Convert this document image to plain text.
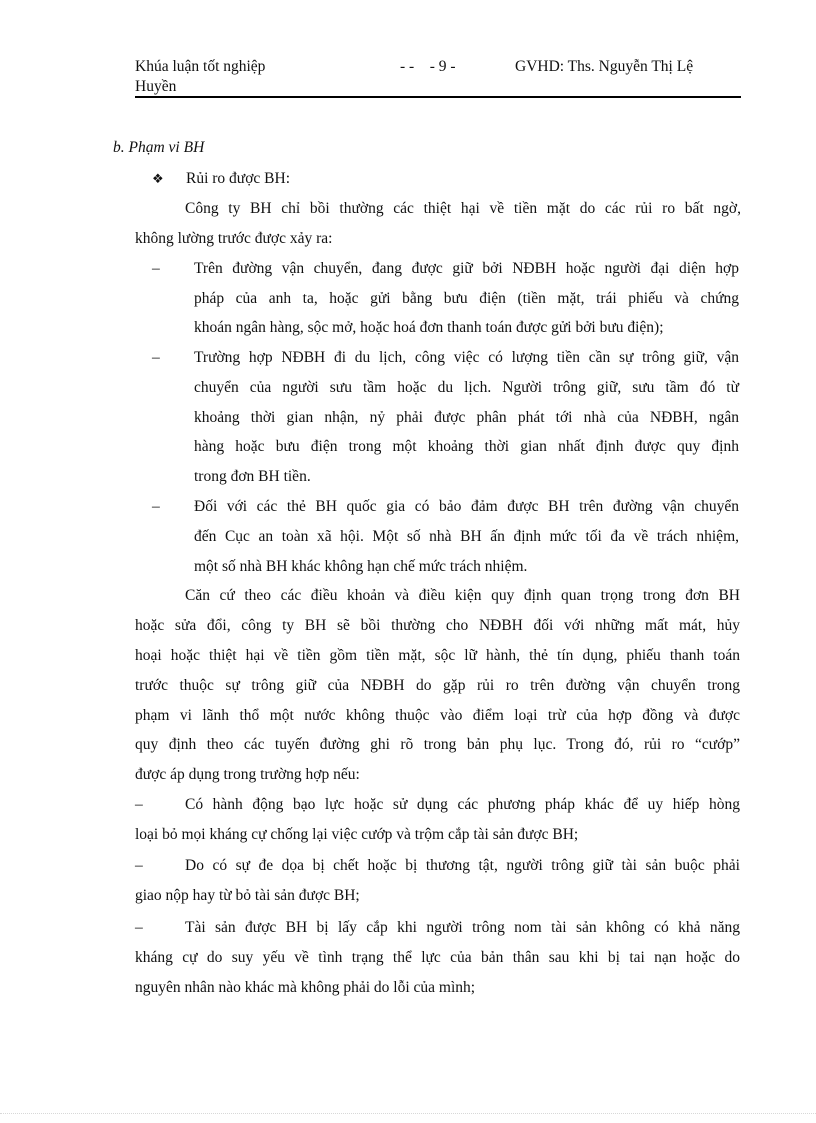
Khúa luận tốt nghiệp
Huyền
- -    - 9 -	GVHD: Ths. Nguyễn Thị Lệ
b. Phạm vi BH
❖ Rủi ro được BH:
Công ty BH chỉ bồi thường các thiệt hại về tiền mặt do các rủi ro bất ngờ,
không lường trước được xảy ra:
– Trên đường vận chuyển, đang được giữ bởi NĐBH hoặc người đại diện hợp
pháp của anh ta, hoặc gửi bằng bưu điện (tiền mặt, trái phiếu và chứng
khoán ngân hàng, sộc mở, hoặc hoá đơn thanh toán được gửi bởi bưu điện);
– Trường hợp NĐBH đi du lịch, công việc có lượng tiền cần sự trông giữ, vận
chuyển của người sưu tầm hoặc du lịch. Người trông giữ, sưu tầm đó từ
khoảng thời gian nhận, nỷ phải được phân phát tới nhà của NĐBH, ngân
hàng hoặc bưu điện trong một khoảng thời gian nhất định được quy định
trong đơn BH tiền.
– Đối với các thẻ BH quốc gia có bảo đảm được BH trên đường vận chuyển
đến Cục an toàn xã hội. Một số nhà BH ấn định mức tối đa về trách nhiệm,
một số nhà BH khác không hạn chế mức trách nhiệm.
Căn cứ theo các điều khoản và điều kiện quy định quan trọng trong đơn BH
hoặc sửa đổi, công ty BH sẽ bồi thường cho NĐBH đối với những mất mát, hủy
hoại hoặc thiệt hại về tiền gồm tiền mặt, sộc lữ hành, thẻ tín dụng, phiếu thanh toán
trước thuộc sự trông giữ của NĐBH do gặp rủi ro trên đường vận chuyển trong
phạm vi lãnh thổ một nước không thuộc vào điểm loại trừ của hợp đồng và được
quy định theo các tuyến đường ghi rõ trong bản phụ lục. Trong đó, rủi ro “cướp”
được áp dụng trong trường hợp nếu:
–	Có hành động bạo lực hoặc sử dụng các phương pháp khác để uy hiếp hòng
loại bỏ mọi kháng cự chống lại việc cướp và trộm cắp tài sản được BH;
–	Do có sự đe dọa bị chết hoặc bị thương tật, người trông giữ tài sản buộc phải
giao nộp hay từ bỏ tài sản được BH;
–	Tài sản được BH bị lấy cắp khi người trông nom tài sản không có khả năng
kháng cự do suy yếu về tình trạng thể lực của bản thân sau khi bị tai nạn hoặc do
nguyên nhân nào khác mà không phải do lỗi của mình;
